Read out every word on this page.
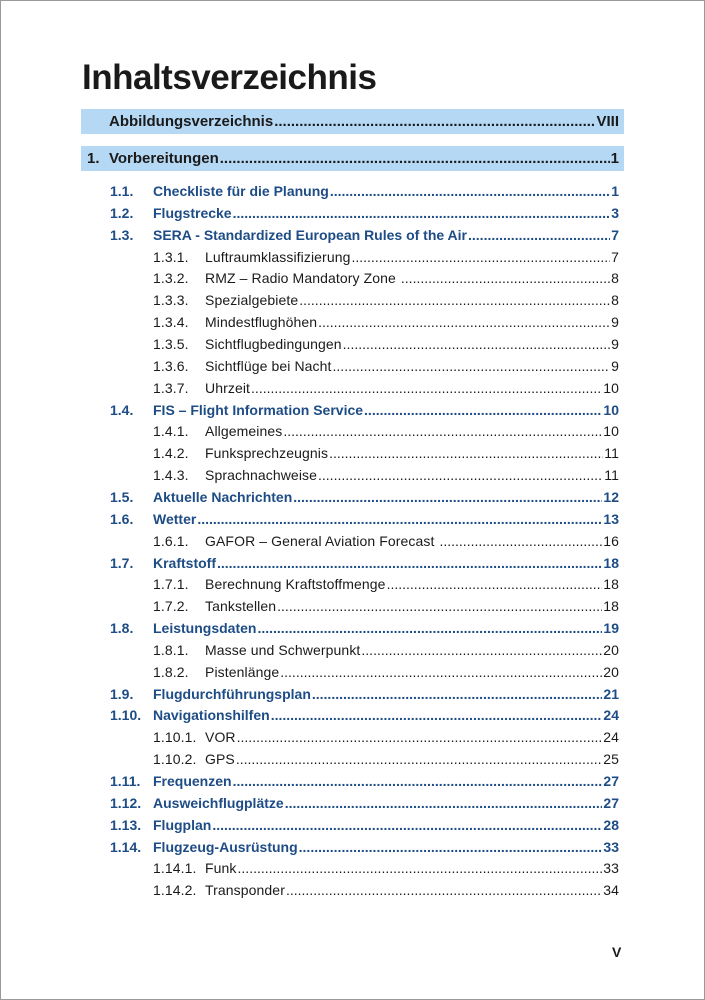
Inhaltsverzeichnis
Abbildungsverzeichnis .....	VIII
1. Vorbereitungen .....	1
1.1.	Checkliste für die Planung .....	1
1.2.	Flugstrecke .....	3
1.3.	SERA - Standardized European Rules of the Air .....	7
1.3.1.	Luftraumklassifizierung .....	7
1.3.2.	RMZ – Radio Mandatory Zone .....	8
1.3.3.	Spezialgebiete .....	8
1.3.4.	Mindestflughöhen .....	9
1.3.5.	Sichtflugbedingungen .....	9
1.3.6.	Sichtflüge bei Nacht .....	9
1.3.7.	Uhrzeit .....	10
1.4.	FIS – Flight Information Service .....	10
1.4.1.	Allgemeines .....	10
1.4.2.	Funksprechzeugnis .....	11
1.4.3.	Sprachnachweise .....	11
1.5.	Aktuelle Nachrichten .....	12
1.6.	Wetter .....	13
1.6.1.	GAFOR – General Aviation Forecast .....	16
1.7.	Kraftstoff .....	18
1.7.1.	Berechnung Kraftstoffmenge .....	18
1.7.2.	Tankstellen .....	18
1.8.	Leistungsdaten .....	19
1.8.1.	Masse und Schwerpunkt .....	20
1.8.2.	Pistenlänge .....	20
1.9.	Flugdurchführungsplan .....	21
1.10. Navigationshilfen .....	24
1.10.1. VOR .....	24
1.10.2. GPS .....	25
1.11. Frequenzen .....	27
1.12. Ausweichflugplätze .....	27
1.13. Flugplan .....	28
1.14. Flugzeug-Ausrüstung .....	33
1.14.1. Funk .....	33
1.14.2. Transponder .....	34
V
